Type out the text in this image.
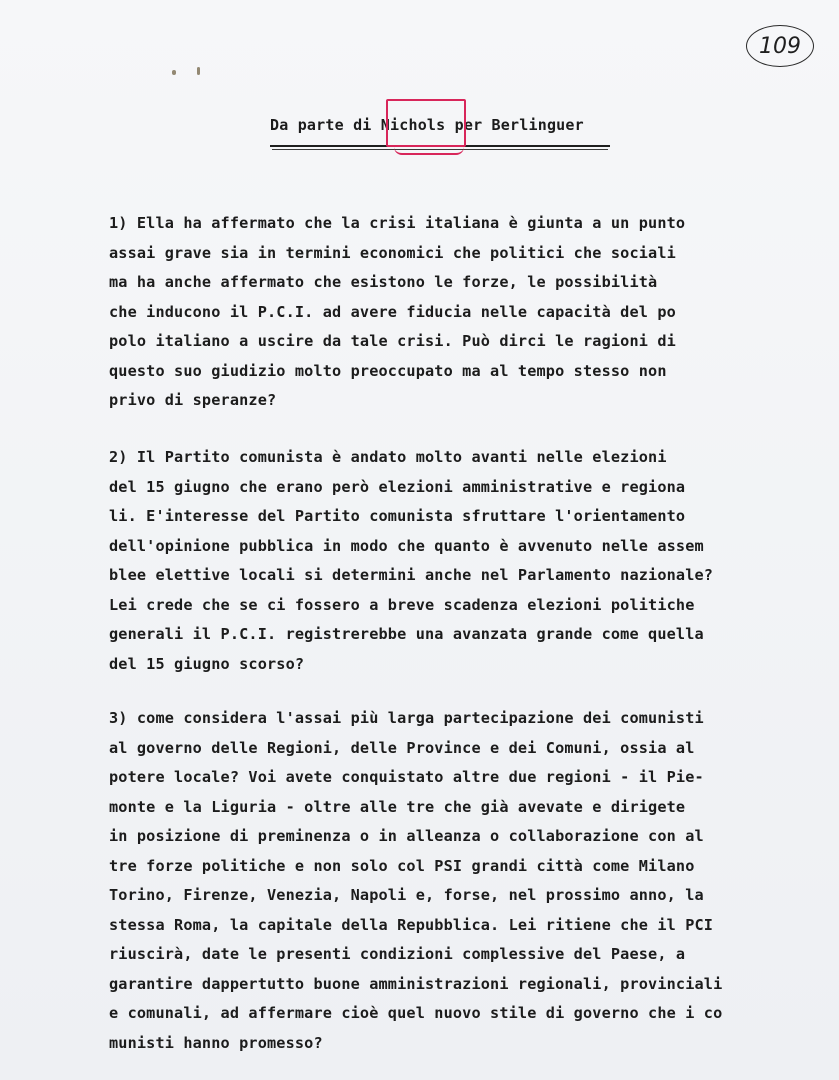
109
Da parte di Nichols per Berlinguer
1) Ella ha affermato che la crisi italiana è giunta a un punto
assai grave sia in termini economici che politici che sociali
ma ha anche affermato che esistono le forze, le possibilità
che inducono il P.C.I. ad avere fiducia nelle capacità del po
polo italiano a uscire da tale crisi. Può dirci le ragioni di
questo suo giudizio molto preoccupato ma al tempo stesso non
privo di speranze?
2) Il Partito comunista è andato molto avanti nelle elezioni
del 15 giugno che erano però elezioni amministrative e regiona
li. E'interesse del Partito comunista sfruttare l'orientamento
dell'opinione pubblica in modo che quanto è avvenuto nelle assem
blee elettive locali si determini anche nel Parlamento nazionale?
Lei crede che se ci fossero a breve scadenza elezioni politiche
generali il P.C.I. registrerebbe una avanzata grande come quella
del 15 giugno scorso?
3) come considera l'assai più larga partecipazione dei comunisti
al governo delle Regioni, delle Province e dei Comuni, ossia al
potere locale? Voi avete conquistato altre due regioni - il Pie-
monte e la Liguria - oltre alle tre che già avevate e dirigete
in posizione di preminenza o in alleanza o collaborazione con al
tre forze politiche e non solo col PSI grandi città come Milano
Torino, Firenze, Venezia, Napoli e, forse, nel prossimo anno, la
stessa Roma, la capitale della Repubblica. Lei ritiene che il PCI
riuscirà, date le presenti condizioni complessive del Paese, a
garantire dappertutto buone amministrazioni regionali, provinciali
e comunali, ad affermare cioè quel nuovo stile di governo che i co
munisti hanno promesso?
